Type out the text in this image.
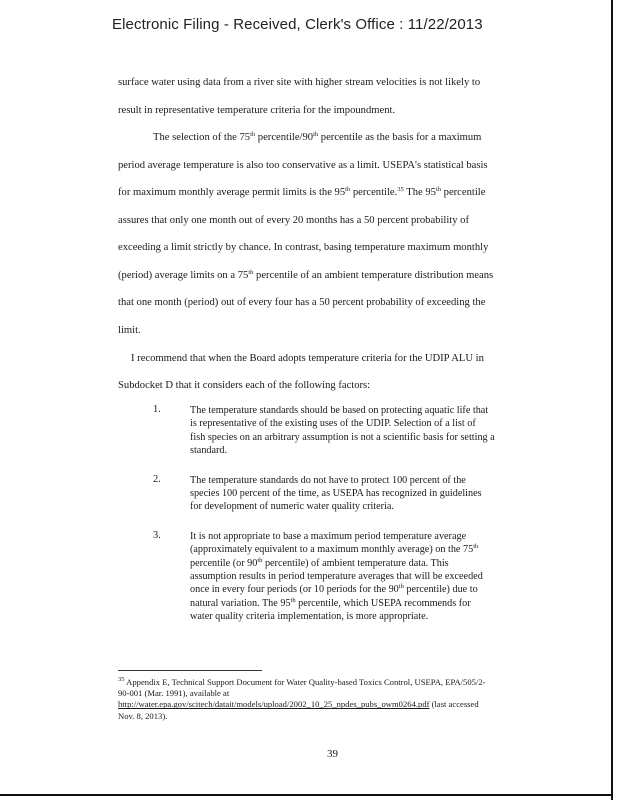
Electronic Filing - Received, Clerk's Office : 11/22/2013
surface water using data from a river site with higher stream velocities is not likely to
result in representative temperature criteria for the impoundment.
The selection of the 75th percentile/90th percentile as the basis for a maximum
period average temperature is also too conservative as a limit. USEPA's statistical basis
for maximum monthly average permit limits is the 95th percentile.$^{35}$ The 95th percentile
assures that only one month out of every 20 months has a 50 percent probability of
exceeding a limit strictly by chance. In contrast, basing temperature maximum monthly
(period) average limits on a 75th percentile of an ambient temperature distribution means
that one month (period) out of every four has a 50 percent probability of exceeding the
limit.
I recommend that when the Board adopts temperature criteria for the UDIP ALU in
Subdocket D that it considers each of the following factors:
1.	The temperature standards should be based on protecting aquatic life that
is representative of the existing uses of the UDIP. Selection of a list of
fish species on an arbitrary assumption is not a scientific basis for setting a
standard.
2.	The temperature standards do not have to protect 100 percent of the
species 100 percent of the time, as USEPA has recognized in guidelines
for development of numeric water quality criteria.
3.	It is not appropriate to base a maximum period temperature average
(approximately equivalent to a maximum monthly average) on the 75th
percentile (or 90th percentile) of ambient temperature data. This
assumption results in period temperature averages that will be exceeded
once in every four periods (or 10 periods for the 90th percentile) due to
natural variation. The 95th percentile, which USEPA recommends for
water quality criteria implementation, is more appropriate.
$^{35}$ Appendix E, Technical Support Document for Water Quality-based Toxics Control, USEPA, EPA/505/2-
90-001 (Mar. 1991), available at
http://water.epa.gov/scitech/datait/models/upload/2002_10_25_npdes_pubs_owm0264.pdf (last accessed
Nov. 8, 2013).
39
